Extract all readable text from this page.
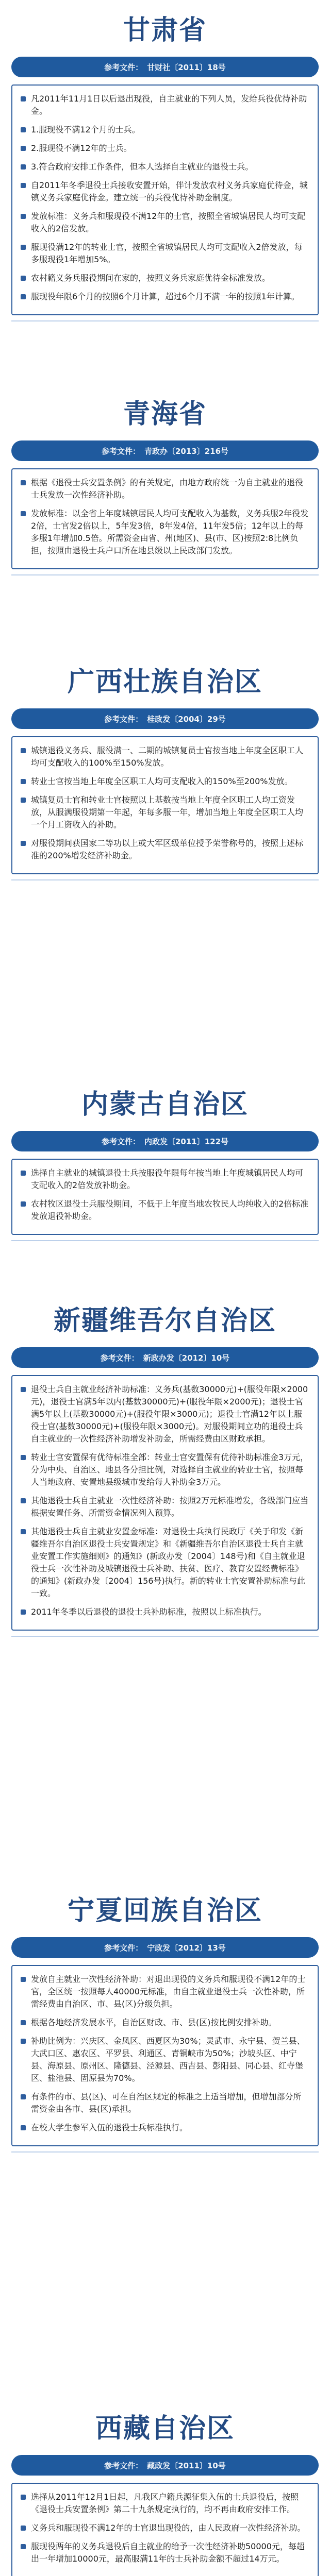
甘肃省
参考文件： 甘财社〔2011〕18号
凡2011年11月1日以后退出现役，自主就业的下列人员，发给兵役优待补助金。
1.服现役不满12个月的士兵。
2.服现役不满12年的士兵。
3.符合政府安排工作条件，但本人选择自主就业的退役士兵。
自2011年冬季退役士兵接收安置开始，伴计发放农村义务兵家庭优待金，城镇义务兵家庭优待金。建立统一的兵役优待补助金制度。
发放标准：义务兵和服现役不满12年的士官，按照全省城镇居民人均可支配收入的2倍发放。
服现役满12年的转业士官，按照全省城镇居民人均可支配收入2倍发放，每多服现役1年增加5%。
农村籍义务兵服役期间在家的，按照义务兵家庭优待金标准发放。
服现役年限6个月的按照6个月计算，超过6个月不满一年的按照1年计算。
青海省
参考文件： 青政办〔2013〕216号
根据《退役士兵安置条例》的有关规定，由地方政府统一为自主就业的退役士兵发放一次性经济补助。
发放标准：以全省上年度城镇居民人均可支配收入为基数，义务兵服2年役发2倍，士官发2倍以上，5年发3倍，8年发4倍，11年发5倍；12年以上的每多服1年增加0.5倍。所需资金由省、州(地区)、县(市、区)按照2:8比例负担，按照由退役士兵户口所在地县级以上民政部门发放。
广西壮族自治区
参考文件： 桂政发〔2004〕29号
城镇退役义务兵、服役满一、二期的城镇复员士官按当地上年度全区职工人均可支配收入的100%至150%发放。
转业士官按当地上年度全区职工人均可支配收入的150%至200%发放。
城镇复员士官和转业士官按照以上基数按当地上年度全区职工人均工资发放，从服满服役期第一年起，年每多服一年，增加当地上年度全区职工人均一个月工资收入的补助。
对服役期间获国家二等功以上或大军区级单位授予荣誉称号的，按照上述标准的200%增发经济补助金。
内蒙古自治区
参考文件： 内政发〔2011〕122号
选择自主就业的城镇退役士兵按服役年限每年按当地上年度城镇居民人均可支配收入的2倍发放补助金。
农村牧区退役士兵服役期间，不低于上年度当地农牧民人均纯收入的2倍标准发放退役补助金。
新疆维吾尔自治区
参考文件： 新政办发〔2012〕10号
退役士兵自主就业经济补助标准：义务兵(基数30000元)+(服役年限×2000元)，退役士官满5年以内(基数30000元)+(服役年限×2000元)；退役士官满5年以上(基数30000元)+(服役年限×3000元)；退役士官满12年以上服役士官(基数30000元)+(服役年限×3000元)。对服役期间立功的退役士兵自主就业的一次性经济补助增发补助金，所需经费由区财政承担。
转业士官安置保有优待标准全部：转业士官安置保有优待补助标准金3万元，分为中央、自治区、地县各分担比例，对选择自主就业的转业士官，按照每人当地政府、安置地县级城市发给每人补助金3万元。
其他退役士兵自主就业一次性经济补助：按照2万元标准增发，各级部门应当根据安置任务、所需资金情况列入预算。
其他退役士兵自主就业安置金标准：对退役士兵执行民政厅《关于印发《新疆维吾尔自治区退役士兵安置规定》和《新疆维吾尔自治区退役士兵自主就业安置工作实施细则》的通知》(新政办发〔2004〕148号)和《自主就业退役士兵一次性补助及城镇退役士兵补助、扶贫、医疗、教育安置经费标准》的通知》(新政办发〔2004〕156号)执行。新的转业士官安置补助标准与此一致。
2011年冬季以后退役的退役士兵补助标准，按照以上标准执行。
宁夏回族自治区
参考文件： 宁政发〔2012〕13号
发放自主就业一次性经济补助：对退出现役的义务兵和服现役不满12年的士官，全区统一按照每人40000元标准，由自主就业退役士兵一次性补助，所需经费由自治区、市、县(区)分级负担。
根据各地经济发展水平，自治区财政、市、县(区)按比例安排补助。
补助比例为：兴庆区、金凤区、西夏区为30%；灵武市、永宁县、贺兰县、大武口区、惠农区、平罗县、利通区、青铜峡市为50%；沙坡头区、中宁县、海原县、原州区、隆德县、泾源县、西吉县、彭阳县、同心县、红寺堡区、盐池县、固原县为70%。
有条件的市、县(区)、可在自治区规定的标准之上适当增加，但增加部分所需资金由各市、县(区)承担。
在校大学生参军入伍的退役士兵标准执行。
西藏自治区
参考文件： 藏政发〔2011〕10号
选择从2011年12月1日起，凡我区户籍兵源征集入伍的士兵退役后，按照《退役士兵安置条例》第二十九条规定执行的，均不再由政府安排工作。
义务兵和服现役不满12年的士官退出现役的，由人民政府一次性经济补助。
服现役两年的义务兵退役后自主就业的给予一次性经济补助50000元，每超出一年增加10000元，最高服满11年的士兵补助金额不超过14万元。
